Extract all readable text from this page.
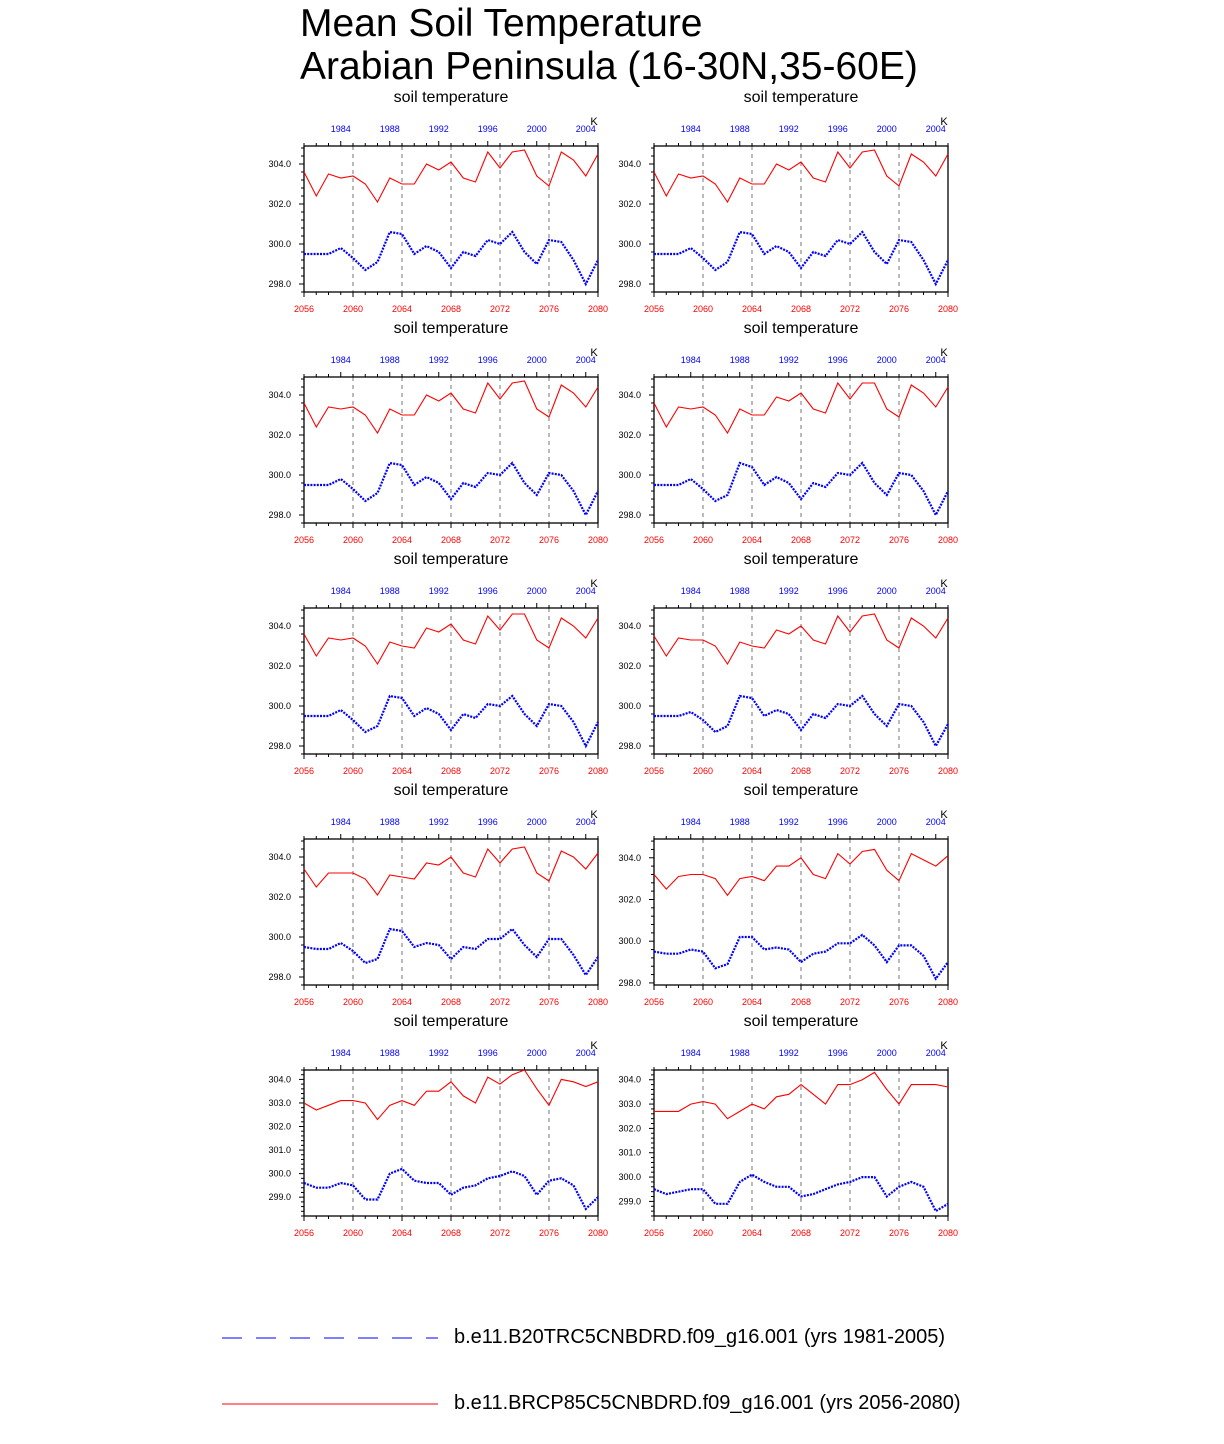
Mean Soil Temperature
Arabian Peninsula (16-30N,35-60E)
soil temperature
K
2056	2060	2064	2068	2072	2076	2080
1984	1988	1992	1996	2000	2004
298.0
300.0
302.0
304.0
soil temperature
K
2056	2060	2064	2068	2072	2076	2080
1984	1988	1992	1996	2000	2004
298.0
300.0
302.0
304.0
soil temperature
K
2056	2060	2064	2068	2072	2076	2080
1984	1988	1992	1996	2000	2004
298.0
300.0
302.0
304.0
soil temperature
K
2056	2060	2064	2068	2072	2076	2080
1984	1988	1992	1996	2000	2004
298.0
300.0
302.0
304.0
soil temperature
K
2056	2060	2064	2068	2072	2076	2080
1984	1988	1992	1996	2000	2004
298.0
300.0
302.0
304.0
soil temperature
K
2056	2060	2064	2068	2072	2076	2080
1984	1988	1992	1996	2000	2004
298.0
300.0
302.0
304.0
soil temperature
K
2056	2060	2064	2068	2072	2076	2080
1984	1988	1992	1996	2000	2004
298.0
300.0
302.0
304.0
soil temperature
K
2056	2060	2064	2068	2072	2076	2080
1984	1988	1992	1996	2000	2004
298.0
300.0
302.0
304.0
soil temperature
K
2056	2060	2064	2068	2072	2076	2080
1984	1988	1992	1996	2000	2004
299.0
300.0
301.0
302.0
303.0
304.0
soil temperature
K
2056	2060	2064	2068	2072	2076	2080
1984	1988	1992	1996	2000	2004
299.0
300.0
301.0
302.0
303.0
304.0
b.e11.B20TRC5CNBDRD.f09_g16.001 (yrs 1981-2005)
b.e11.BRCP85C5CNBDRD.f09_g16.001 (yrs 2056-2080)
